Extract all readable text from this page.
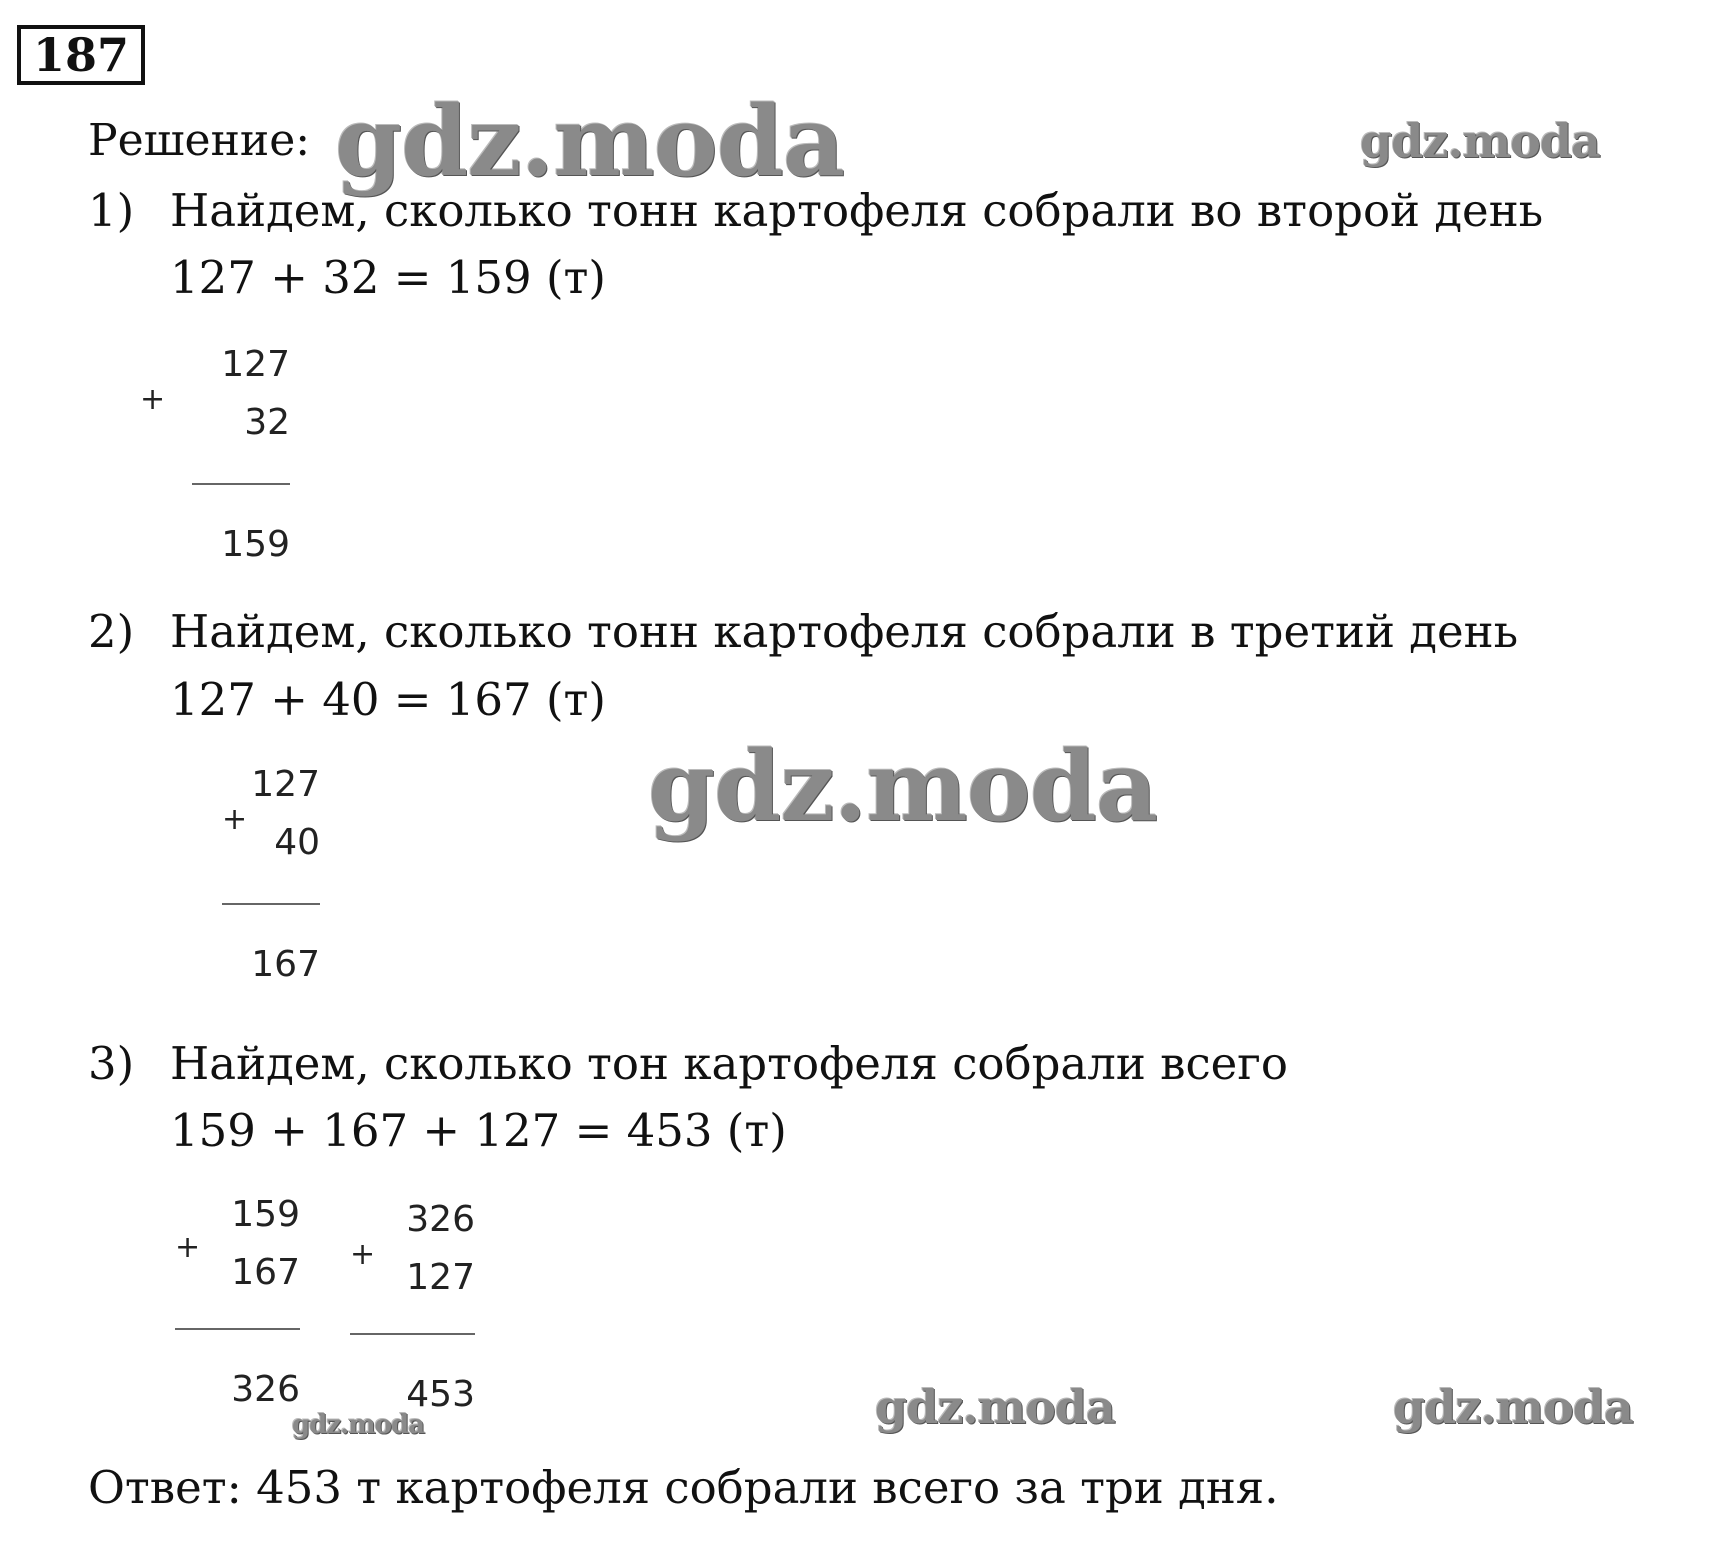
187
Решение:
1) Найдем, сколько тонн картофеля собрали во второй день
127 + 32 = 159 (т)
127
+
32
159
2) Найдем, сколько тонн картофеля собрали в третий день
127 + 40 = 167 (т)
127
+
40
167
3) Найдем, сколько тон картофеля собрали всего
159 + 167 + 127 = 453 (т)
159
+
167
326
326
+
127
453
Ответ: 453 т картофеля собрали всего за три дня.
gdz.moda	gdz.moda
gdz.moda
gdz.moda	gdz.moda
gdz.moda
